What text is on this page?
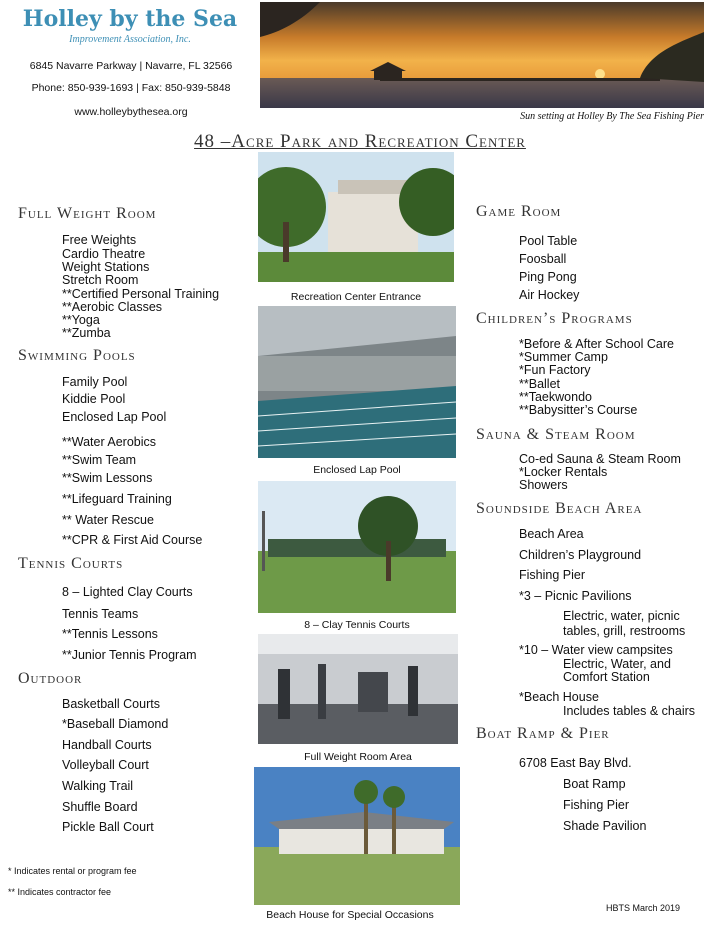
Holley by the Sea
Improvement Association, Inc.
6845 Navarre Parkway | Navarre, FL 32566
Phone: 850-939-1693 | Fax: 850-939-5848
www.holleybythesea.org	Sun setting at Holley By The Sea Fishing Pier
48 –Acre Park and Recreation Center
Full Weight Room
Free Weights
Cardio Theatre
Weight Stations
Stretch Room
**Certified Personal Training
**Aerobic Classes
**Yoga
**Zumba
Swimming Pools
Family Pool
Kiddie Pool
Enclosed Lap Pool
**Water Aerobics
**Swim Team
**Swim Lessons
**Lifeguard Training
** Water Rescue
**CPR & First Aid Course
Tennis Courts
8 – Lighted Clay Courts
Tennis Teams
**Tennis Lessons
**Junior Tennis Program
Outdoor
Basketball Courts
*Baseball Diamond
Handball Courts
Volleyball Court
Walking Trail
Shuffle Board
Pickle Ball Court
Recreation Center Entrance
Enclosed Lap Pool
8 – Clay Tennis Courts
Full Weight Room Area
Beach House for Special Occasions
Game Room
Pool Table
Foosball
Ping Pong
Air Hockey
Children’s Programs
*Before & After School Care
*Summer Camp
*Fun Factory
**Ballet
**Taekwondo
**Babysitter’s Course
Sauna & Steam Room
Co-ed Sauna & Steam Room
*Locker Rentals
Showers
Soundside Beach Area
Beach Area
Children’s Playground
Fishing Pier
*3 – Picnic Pavilions
Electric, water, picnic
tables, grill, restrooms
*10 – Water view campsites
Electric, Water, and
Comfort Station
*Beach House
Includes tables & chairs
Boat Ramp & Pier
6708 East Bay Blvd.
Boat Ramp
Fishing Pier
Shade Pavilion
* Indicates rental or program fee
** Indicates contractor fee
HBTS March 2019
